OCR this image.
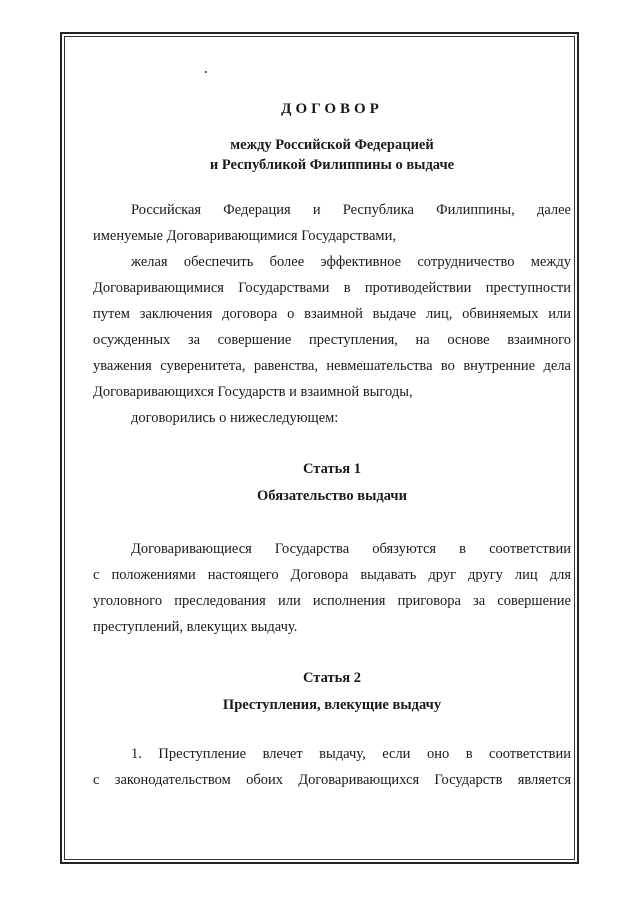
ДОГОВОР
между Российской Федерацией
и Республикой Филиппины о выдаче
Российская Федерация и Республика Филиппины, далее
именуемые Договаривающимися Государствами,
желая обеспечить более эффективное сотрудничество между
Договаривающимися Государствами в противодействии преступности
путем заключения договора о взаимной выдаче лиц, обвиняемых или
осужденных за совершение преступления, на основе взаимного
уважения суверенитета, равенства, невмешательства во внутренние дела
Договаривающихся Государств и взаимной выгоды,
договорились о нижеследующем:
Статья 1
Обязательство выдачи
Договаривающиеся Государства обязуются в соответствии
с положениями настоящего Договора выдавать друг другу лиц для
уголовного преследования или исполнения приговора за совершение
преступлений, влекущих выдачу.
Статья 2
Преступления, влекущие выдачу
1. Преступление влечет выдачу, если оно в соответствии
с законодательством обоих Договаривающихся Государств является
